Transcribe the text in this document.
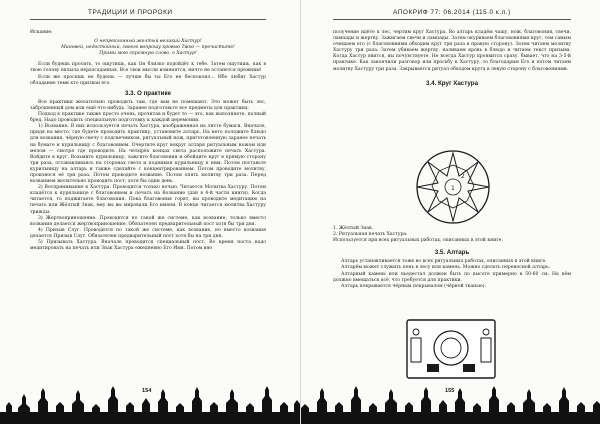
ТРАДИЦИИ И ПРОРОКИ

Искание:

О непреклонный желтый великий Хастур!

Миновей, недостойный, своего вопрошу кровью Твою — прочистите!

Прими мою скромную слово, о Хастур!

Если будешь просить, то ощутишь, как Он близко подойдёт к тебе. Затем ощутишь, как в твою голову вплыла неразгаданная. Все твои мысли изменятся, ничто не останется прежним!

Если же просишь не будешь — лучше бы ты Его не беспокоил... Ибо любит Хастур обладание теми кто призван его.

3.3. О практике

Все практики желательно проводить там, где вам не помешают. Это может быть лес, заброшенный дом или ещё что-нибудь. Заранее подготовьте все предметы для практики.

Подход к практике также просто очень, прочитав и будет то — это, как выполняете, полный бред. Надо проводить специальную подготовку к каждой церемонии.

1) Возвание. В них используется печать Хастура, изображенная на листе бумаги. Вначале, придя на место, где будете проводить практику, установите алтарь. На него положите блюдо для возвания, чёрную свечу с подсвечником, ритуальный нож, приготовленную заранее печать на бумаге и курильницу с благовонием. Очертите круг вокруг алтаря ритуальным ножом или мелом — смотря где проводите. На четырёх концах света расположите печать Хастура. Войдите в круг. Возьмите курильницу, зажгите благовония и обойдите круг в прямую сторону три раза, останавливаясь на сторонах света и поднимая курильницу к ним. Потом поставьте курильницу на алтарь и также сделайте с концентрированием. Потом проводите молитву, произнося её три раза. Потом проводите возвание. Потом опять молитву три раза. Перед возванием желательно проводить пост, хотя бы один день.

2) Воспринимание к Хастура. Проводится только ночью. Читается Молитва Хастуру. Потом кладётся к курильнице с благовонием и печать на Возвание (дан в 4-й части книги). Когда читается, то поджигаете благовония. Пока благовония горят, вы проводите медитацию на печать или Жёлтый Знак, ему вы вы мировали Его имени. В конце читается молитва Хастуру трижды.

3) Жертвоприношение. Проводится по такой же системе, как возвание, только вместо возвания делается жертвоприношение. Обязателен предварительный пост хотя бы три дня.

4) Призыв Слуг. Проводится по такой же системе, как возвание, но вместо возвания делается Призыв Слуг. Обязателен предварительный пост хотя бы на три дня.

5) Призывать Хастура. Вначале проводится специальный пост. Во время поста надо медитировать на печать или Знак Хастура ежедневно Его Имя. Потом вно

154
АПОКРИФ 77: 06.2014 (115.0 к.л.)

получение идёте к лес, чертим круг Хастура. Во алтарь кладём чашу, нож, благовония, свечи, лампады и жертву. Зажигаем свечи и лампады. Затем окуриваем благовониями круг, тем самым очищаем его (с благовониями обходим круг три раза в правую сторону). Затем читаем молитву Хастуру три раза. Затем убиваем жертву, наливаем кровь в блюдо и читаем текст призыва. Когда Хастур явится, вы почувствуете. Не всегда Хастур проявится сразу, бывает, что на 3-5-й практике. Как закончили разговор или просьбу к Хастуру, то благодарим Его и потом читаем молитву Хастуру три раза. Закрывается ритуал обходом круга в левую сторону с благовониями.

3.4. Круг Хастура
1
2

1. Жёлтый Знак.

2. Ритуальная печать Хастура.

Используется при всех ритуальных работах, описанных в этой книге.

3.5. Алтарь

Алтарь устанавливается тоже во всех ритуальных работах, описанных в этой книге.

Алтарём может служить пень в лесу или камень. Можно сделать переносной алтарь.

Алтарный камень или пьедестал должен быть по высоте примерно в 50-60 см. На нём должно вмещаться всё, что требуется для практики.

Алтарь покрывается чёрным покрывалом (чёрной тканью).

155
